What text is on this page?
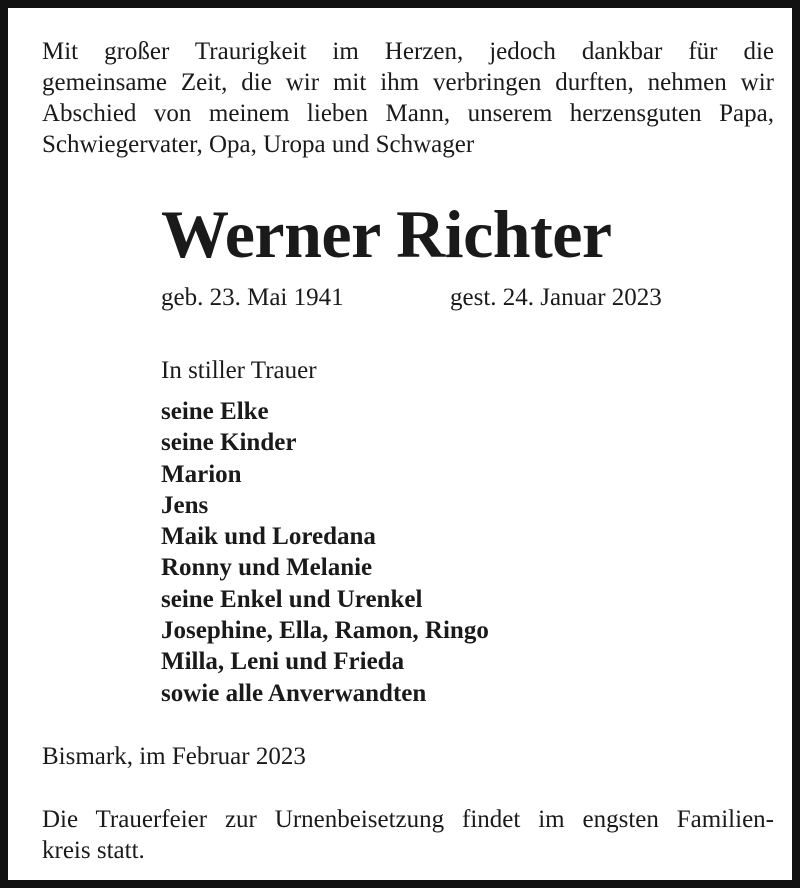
Mit großer Traurigkeit im Herzen, jedoch dankbar für die
gemeinsame Zeit, die wir mit ihm verbringen durften, nehmen wir
Abschied von meinem lieben Mann, unserem herzensguten Papa,
Schwiegervater, Opa, Uropa und Schwager

Werner Richter

geb. 23. Mai 1941	gest. 24. Januar 2023

In stiller Trauer

seine Elke
seine Kinder
Marion
Jens
Maik und Loredana
Ronny und Melanie
seine Enkel und Urenkel
Josephine, Ella, Ramon, Ringo
Milla, Leni und Frieda
sowie alle Anverwandten

Bismark, im Februar 2023

Die Trauerfeier zur Urnenbeisetzung findet im engsten Familien-
kreis statt.
